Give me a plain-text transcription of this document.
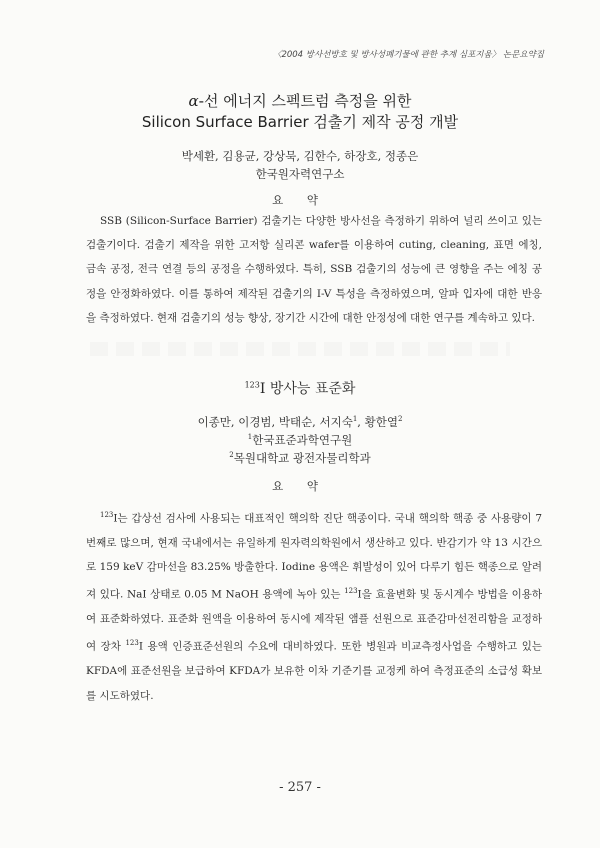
〈2004 방사선방호 및 방사성폐기물에 관한 추계 심포지움〉 논문요약집
α-선 에너지 스펙트럼 측정을 위한
Silicon Surface Barrier 검출기 제작 공정 개발
박세환, 김용균, 강상묵, 김한수, 하장호, 정종은
한국원자력연구소
요 약

SSB (Silicon-Surface Barrier) 검출기는 다양한 방사선을 측정하기 위하여 널리 쓰이고 있는 검출기이다. 검출기 제작을 위한 고저항 실리콘 wafer를 이용하여 cuting, cleaning, 표면 에칭, 금속 공정, 전극 연결 등의 공정을 수행하였다. 특히, SSB 검출기의 성능에 큰 영향을 주는 에칭 공정을 안정화하였다. 이를 통하여 제작된 검출기의 I-V 특성을 측정하였으며, 알파 입자에 대한 반응을 측정하였다. 현재 검출기의 성능 향상, 장기간 시간에 대한 안정성에 대한 연구를 계속하고 있다.

$^{123}$I 방사능 표준화
이종만, 이경범, 박태순, 서지숙$^1$, 황한열$^2$
$^1$한국표준과학연구원
$^2$목원대학교 광전자물리학과
요 약

$^{123}$I는 갑상선 검사에 사용되는 대표적인 핵의학 진단 핵종이다. 국내 핵의학 핵종 중 사용량이 7 번째로 많으며, 현재 국내에서는 유일하게 원자력의학원에서 생산하고 있다. 반감기가 약 13 시간으로 159 keV 감마선을 83.25% 방출한다. Iodine 용액은 휘발성이 있어 다루기 힘든 핵종으로 알려져 있다. NaI 상태로 0.05 M NaOH 용액에 녹아 있는 $^{123}$I을 효율변화 및 동시계수 방법을 이용하여 표준화하였다. 표준화 원액을 이용하여 동시에 제작된 앰플 선원으로 표준감마선전리함을 교정하여 장차 $^{123}$I 용액 인증표준선원의 수요에 대비하였다. 또한 병원과 비교측정사업을 수행하고 있는 KFDA에 표준선원을 보급하여 KFDA가 보유한 이차 기준기를 교정케 하여 측정표준의 소급성 확보를 시도하였다.

- 257 -
